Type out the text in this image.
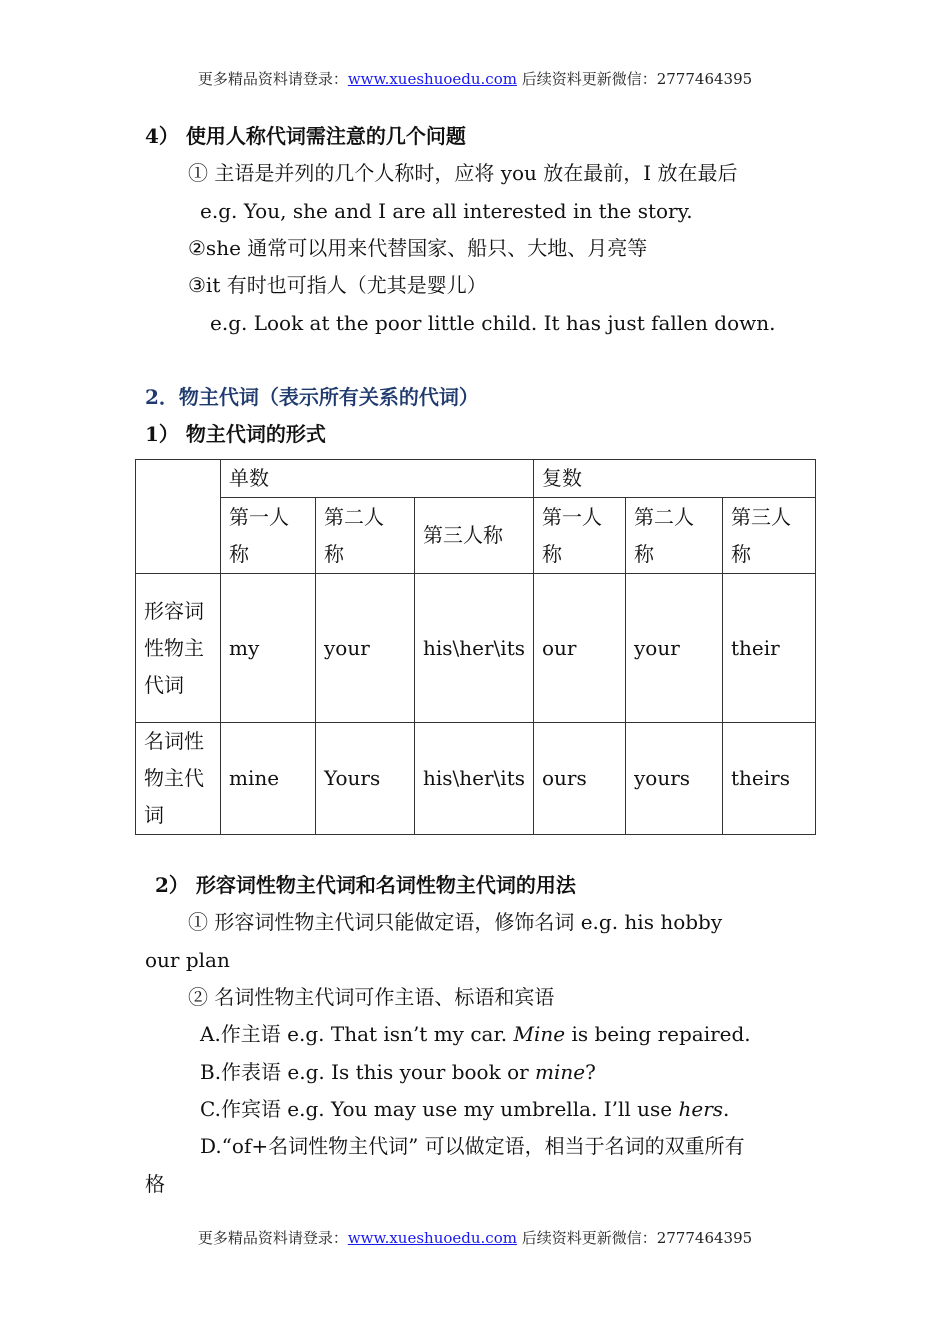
更多精品资料请登录：www.xueshuoedu.com 后续资料更新微信：2777464395
4） 使用人称代词需注意的几个问题
① 主语是并列的几个人称时，应将 you 放在最前，I 放在最后
e.g. You, she and I are all interested in the story.
②she 通常可以用来代替国家、船只、大地、月亮等
③it 有时也可指人（尤其是婴儿）
e.g. Look at the poor little child. It has just fallen down.
2．物主代词（表示所有关系的代词）
1） 物主代词的形式
	单数			复数		

	第一人称	第二人称	第三人称	第一人称	第二人称	第三人称

形容词性物主代词	my	your	his\her\its	our	your	their

名词性物主代词	mine	Yours	his\her\its	ours	yours	theirs
2） 形容词性物主代词和名词性物主代词的用法
① 形容词性物主代词只能做定语，修饰名词 e.g. his hobby
our plan
② 名词性物主代词可作主语、标语和宾语
A.作主语 e.g. That isn’t my car. Mine is being repaired.
B.作表语 e.g. Is this your book or mine?
C.作宾语 e.g. You may use my umbrella. I’ll use hers.
D.“of+名词性物主代词” 可以做定语，相当于名词的双重所有
格
更多精品资料请登录：www.xueshuoedu.com 后续资料更新微信：2777464395
